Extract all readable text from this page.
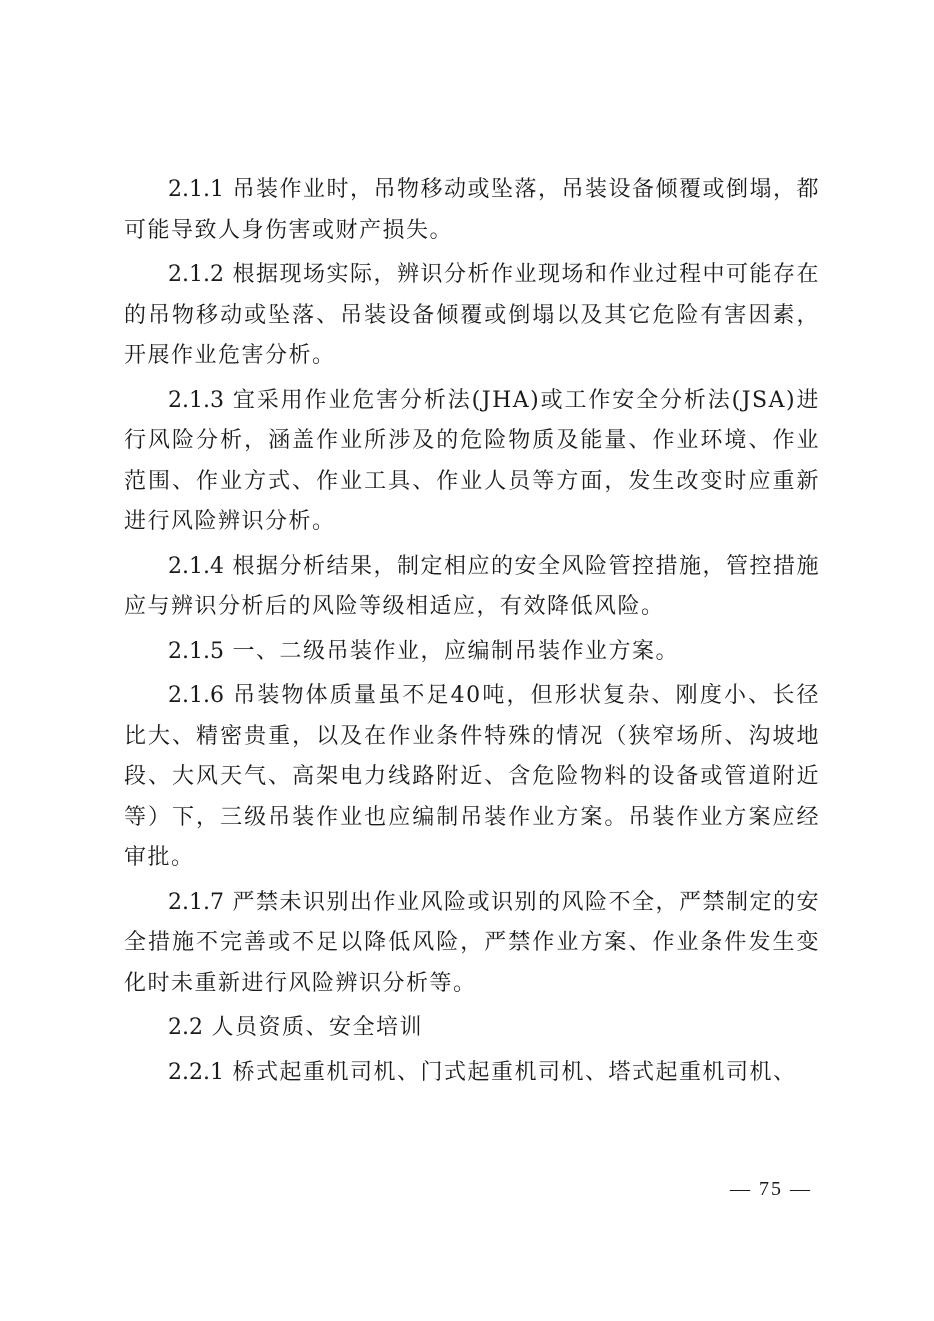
2.1.1 吊装作业时，吊物移动或坠落，吊装设备倾覆或倒塌，都可能导致人身伤害或财产损失。

2.1.2 根据现场实际，辨识分析作业现场和作业过程中可能存在的吊物移动或坠落、吊装设备倾覆或倒塌以及其它危险有害因素，开展作业危害分析。

2.1.3 宜采用作业危害分析法(JHA)或工作安全分析法(JSA)进行风险分析，涵盖作业所涉及的危险物质及能量、作业环境、作业范围、作业方式、作业工具、作业人员等方面，发生改变时应重新进行风险辨识分析。

2.1.4 根据分析结果，制定相应的安全风险管控措施，管控措施应与辨识分析后的风险等级相适应，有效降低风险。

2.1.5 一、二级吊装作业，应编制吊装作业方案。

2.1.6 吊装物体质量虽不足40吨，但形状复杂、刚度小、长径比大、精密贵重，以及在作业条件特殊的情况（狭窄场所、沟坡地段、大风天气、高架电力线路附近、含危险物料的设备或管道附近等）下，三级吊装作业也应编制吊装作业方案。吊装作业方案应经审批。

2.1.7 严禁未识别出作业风险或识别的风险不全，严禁制定的安全措施不完善或不足以降低风险，严禁作业方案、作业条件发生变化时未重新进行风险辨识分析等。

2.2 人员资质、安全培训

2.2.1 桥式起重机司机、门式起重机司机、塔式起重机司机、

— 75 —
